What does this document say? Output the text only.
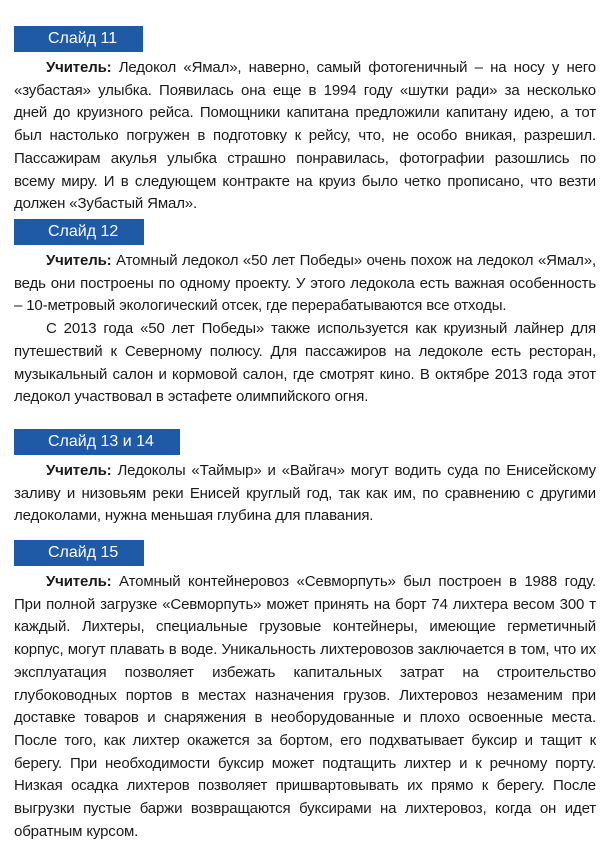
Слайд 11

Учитель: Ледокол «Ямал», наверно, самый фотогеничный – на носу у него «зубастая» улыбка. Появилась она еще в 1994 году «шутки ради» за несколько дней до круизного рейса. Помощники капитана предложили капитану идею, а тот был настолько погружен в подготовку к рейсу, что, не особо вникая, разрешил. Пассажирам акулья улыбка страшно понравилась, фотографии разошлись по всему миру. И в следующем контракте на круиз было четко прописано, что везти должен «Зубастый Ямал».

Слайд 12

Учитель: Атомный ледокол «50 лет Победы» очень похож на ледокол «Ямал», ведь они построены по одному проекту. У этого ледокола есть важная особенность – 10-метровый экологический отсек, где перерабатываются все отходы.

С 2013 года «50 лет Победы» также используется как круизный лайнер для путешествий к Северному полюсу. Для пассажиров на ледоколе есть ресторан, музыкальный салон и кормовой салон, где смотрят кино. В октябре 2013 года этот ледокол участвовал в эстафете олимпийского огня.

Слайд 13 и 14

Учитель: Ледоколы «Таймыр» и «Вайгач» могут водить суда по Енисейскому заливу и низовьям реки Енисей круглый год, так как им, по сравнению с другими ледоколами, нужна меньшая глубина для плавания.

Слайд 15

Учитель: Атомный контейнеровоз «Севморпуть» был построен в 1988 году. При полной загрузке «Севморпуть» может принять на борт 74 лихтера весом 300 т каждый. Лихтеры, специальные грузовые контейнеры, имеющие герметичный корпус, могут плавать в воде. Уникальность лихтеровозов заключается в том, что их эксплуатация позволяет избежать капитальных затрат на строительство глубоководных портов в местах назначения грузов. Лихтеровоз незаменим при доставке товаров и снаряжения в необорудованные и плохо освоенные места. После того, как лихтер окажется за бортом, его подхватывает буксир и тащит к берегу. При необходимости буксир может подтащить лихтер и к речному порту. Низкая осадка лихтеров позволяет пришвартовывать их прямо к берегу. После выгрузки пустые баржи возвращаются буксирами на лихтеровоз, когда он идет обратным курсом.
